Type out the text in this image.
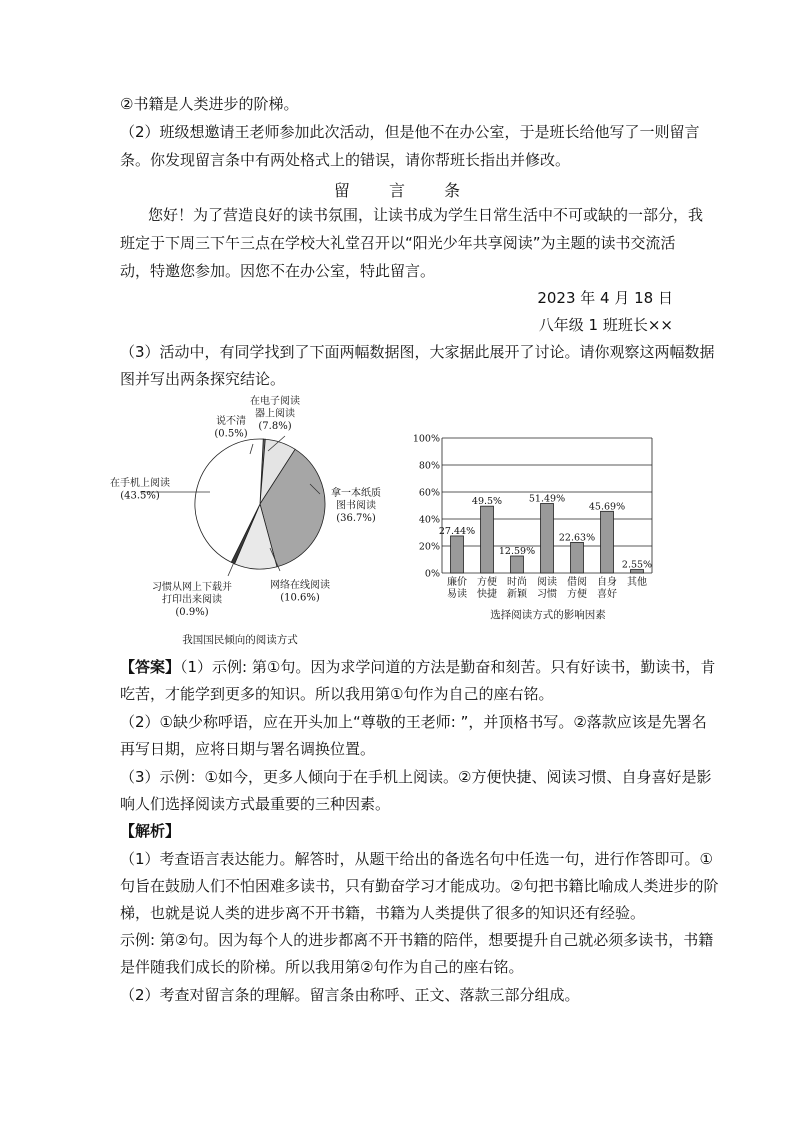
②书籍是人类进步的阶梯。
（2）班级想邀请王老师参加此次活动，但是他不在办公室，于是班长给他写了一则留言
条。你发现留言条中有两处格式上的错误，请你帮班长指出并修改。
留 言 条
您好！为了营造良好的读书氛围，让读书成为学生日常生活中不可或缺的一部分，我
班定于下周三下午三点在学校大礼堂召开以“阳光少年共享阅读”为主题的读书交流活
动，特邀您参加。因您不在办公室，特此留言。
2023 年 4 月 18 日
八年级 1 班班长××
（3）活动中，有同学找到了下面两幅数据图，大家据此展开了讨论。请你观察这两幅数据
图并写出两条探究结论。
说不清
(0.5%)
在电子阅读
器上阅读
(7.8%)
拿一本纸质
图书阅读
(36.7%)
网络在线阅读
(10.6%)
习惯从网上下载并
打印出来阅读
(0.9%)
在手机上阅读
(43.5%)
我国国民倾向的阅读方式
0%
20%
40%
60%
80%
100%
27.44%
廉价
易读
49.5%
方便
快捷
12.59%
时尚
新颖
51.49%
阅读
习惯
22.63%
借阅
方便
45.69%
自身
喜好
2.55%
其他
选择阅读方式的影响因素
【答案】（1）示例: 第①句。因为求学问道的方法是勤奋和刻苦。只有好读书，勤读书，肯
吃苦，才能学到更多的知识。所以我用第①句作为自己的座右铭。
（2）①缺少称呼语，应在开头加上“尊敬的王老师: ”，并顶格书写。②落款应该是先署名
再写日期，应将日期与署名调换位置。
（3）示例：①如今，更多人倾向于在手机上阅读。②方便快捷、阅读习惯、自身喜好是影
响人们选择阅读方式最重要的三种因素。
【解析】
（1）考查语言表达能力。解答时，从题干给出的备选名句中任选一句，进行作答即可。①
句旨在鼓励人们不怕困难多读书，只有勤奋学习才能成功。②句把书籍比喻成人类进步的阶
梯，也就是说人类的进步离不开书籍，书籍为人类提供了很多的知识还有经验。
示例: 第②句。因为每个人的进步都离不开书籍的陪伴，想要提升自己就必须多读书，书籍
是伴随我们成长的阶梯。所以我用第②句作为自己的座右铭。
（2）考查对留言条的理解。留言条由称呼、正文、落款三部分组成。
